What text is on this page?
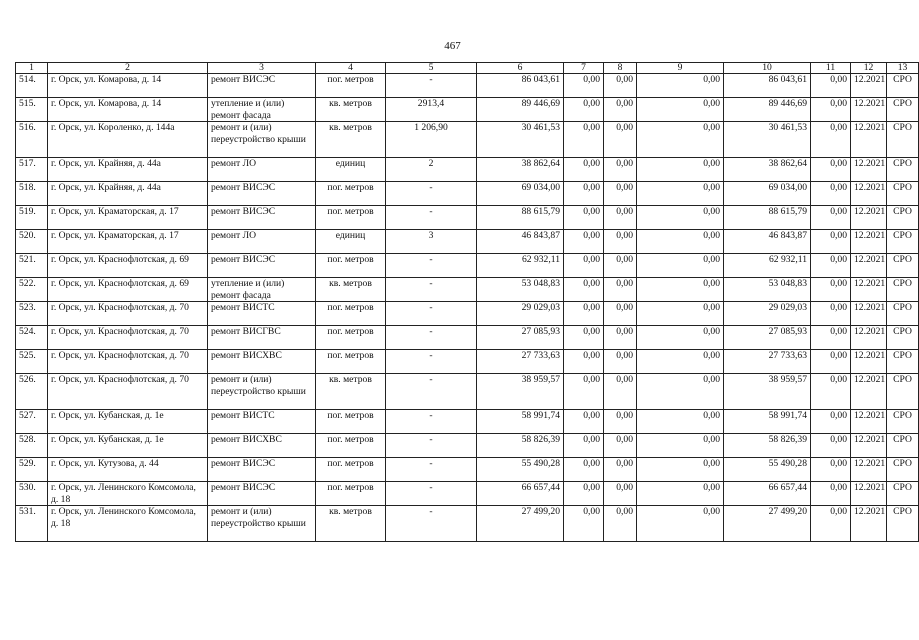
467
1	2	3	4	5	6	7	8	9	10	11	12	13
514.	г. Орск, ул. Комарова, д. 14	ремонт ВИСЭС	пог. метров	-	86 043,61	0,00	0,00	0,00	86 043,61	0,00	12.2021	СРО
515.	г. Орск, ул. Комарова, д. 14	утепление и (или) ремонт фасада	кв. метров	2913,4	89 446,69	0,00	0,00	0,00	89 446,69	0,00	12.2021	СРО
516.	г. Орск, ул. Короленко, д. 144а	ремонт и (или) переустройство крыши	кв. метров	1 206,90	30 461,53	0,00	0,00	0,00	30 461,53	0,00	12.2021	СРО
517.	г. Орск, ул. Крайняя, д. 44а	ремонт ЛО	единиц	2	38 862,64	0,00	0,00	0,00	38 862,64	0,00	12.2021	СРО
518.	г. Орск, ул. Крайняя, д. 44а	ремонт ВИСЭС	пог. метров	-	69 034,00	0,00	0,00	0,00	69 034,00	0,00	12.2021	СРО
519.	г. Орск, ул. Краматорская, д. 17	ремонт ВИСЭС	пог. метров	-	88 615,79	0,00	0,00	0,00	88 615,79	0,00	12.2021	СРО
520.	г. Орск, ул. Краматорская, д. 17	ремонт ЛО	единиц	3	46 843,87	0,00	0,00	0,00	46 843,87	0,00	12.2021	СРО
521.	г. Орск, ул. Краснофлотская, д. 69	ремонт ВИСЭС	пог. метров	-	62 932,11	0,00	0,00	0,00	62 932,11	0,00	12.2021	СРО
522.	г. Орск, ул. Краснофлотская, д. 69	утепление и (или) ремонт фасада	кв. метров	-	53 048,83	0,00	0,00	0,00	53 048,83	0,00	12.2021	СРО
523.	г. Орск, ул. Краснофлотская, д. 70	ремонт ВИСТС	пог. метров	-	29 029,03	0,00	0,00	0,00	29 029,03	0,00	12.2021	СРО
524.	г. Орск, ул. Краснофлотская, д. 70	ремонт ВИСГВС	пог. метров	-	27 085,93	0,00	0,00	0,00	27 085,93	0,00	12.2021	СРО
525.	г. Орск, ул. Краснофлотская, д. 70	ремонт ВИСХВС	пог. метров	-	27 733,63	0,00	0,00	0,00	27 733,63	0,00	12.2021	СРО
526.	г. Орск, ул. Краснофлотская, д. 70	ремонт и (или) переустройство крыши	кв. метров	-	38 959,57	0,00	0,00	0,00	38 959,57	0,00	12.2021	СРО
527.	г. Орск, ул. Кубанская, д. 1е	ремонт ВИСТС	пог. метров	-	58 991,74	0,00	0,00	0,00	58 991,74	0,00	12.2021	СРО
528.	г. Орск, ул. Кубанская, д. 1е	ремонт ВИСХВС	пог. метров	-	58 826,39	0,00	0,00	0,00	58 826,39	0,00	12.2021	СРО
529.	г. Орск, ул. Кутузова, д. 44	ремонт ВИСЭС	пог. метров	-	55 490,28	0,00	0,00	0,00	55 490,28	0,00	12.2021	СРО
530.	г. Орск, ул. Ленинского Комсомола, д. 18	ремонт ВИСЭС	пог. метров	-	66 657,44	0,00	0,00	0,00	66 657,44	0,00	12.2021	СРО
531.	г. Орск, ул. Ленинского Комсомола, д. 18	ремонт и (или) переустройство крыши	кв. метров	-	27 499,20	0,00	0,00	0,00	27 499,20	0,00	12.2021	СРО
